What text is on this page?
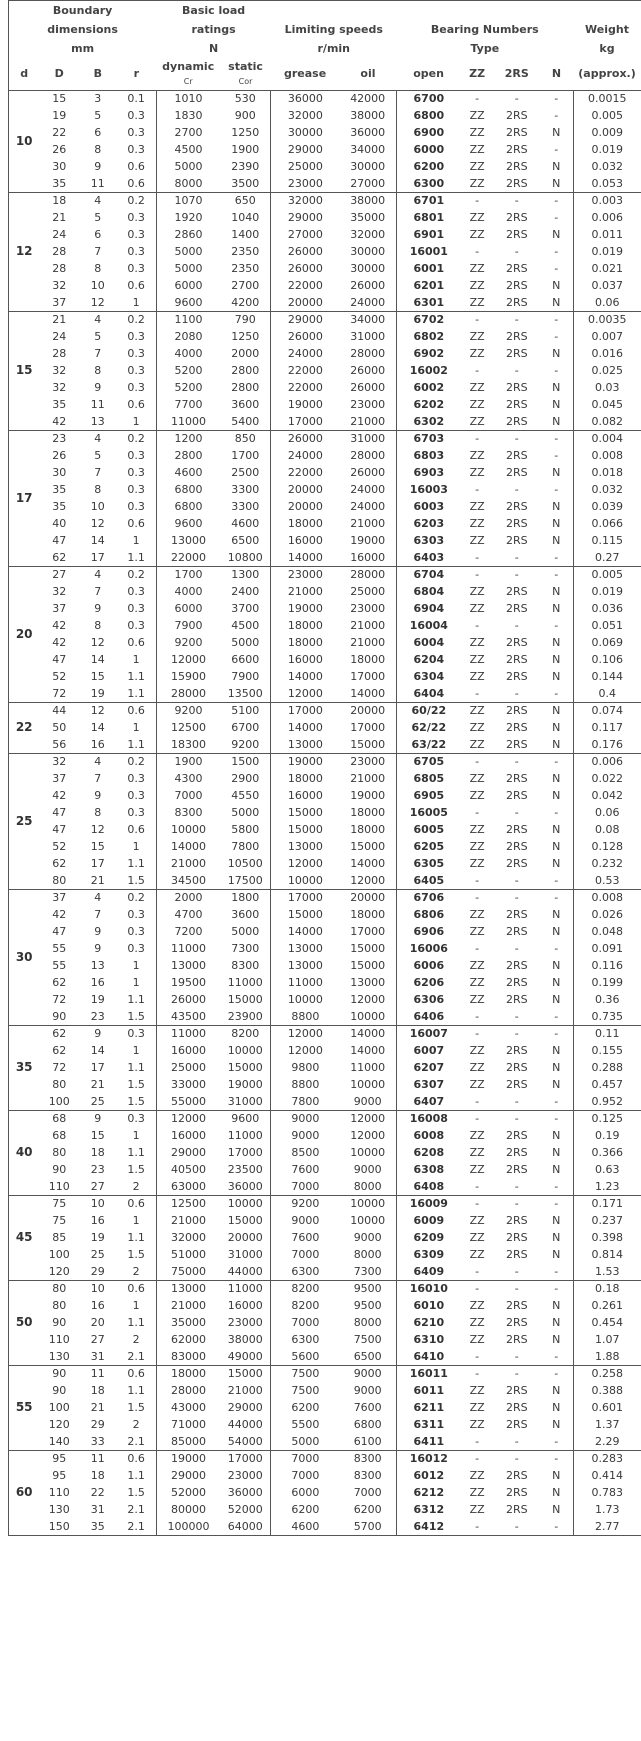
Boundary				Basic load								
dimensions				ratings		Limiting speeds		Bearing Numbers				Weight
mm				N		r/min		Type				kg
d	D	B	r	dynamic	static	grease	oil	open	ZZ	2RS	N	(approx.)
				Cr	Cor							
10	15	3	0.1	1010	530	36000	42000	6700	-	-	-	0.0015
	19	5	0.3	1830	900	32000	38000	6800	ZZ	2RS	-	0.005
	22	6	0.3	2700	1250	30000	36000	6900	ZZ	2RS	N	0.009
	26	8	0.3	4500	1900	29000	34000	6000	ZZ	2RS	-	0.019
	30	9	0.6	5000	2390	25000	30000	6200	ZZ	2RS	N	0.032
	35	11	0.6	8000	3500	23000	27000	6300	ZZ	2RS	N	0.053
12	18	4	0.2	1070	650	32000	38000	6701	-	-	-	0.003
	21	5	0.3	1920	1040	29000	35000	6801	ZZ	2RS	-	0.006
	24	6	0.3	2860	1400	27000	32000	6901	ZZ	2RS	N	0.011
	28	7	0.3	5000	2350	26000	30000	16001	-	-	-	0.019
	28	8	0.3	5000	2350	26000	30000	6001	ZZ	2RS	-	0.021
	32	10	0.6	6000	2700	22000	26000	6201	ZZ	2RS	N	0.037
	37	12	1	9600	4200	20000	24000	6301	ZZ	2RS	N	0.06
15	21	4	0.2	1100	790	29000	34000	6702	-	-	-	0.0035
	24	5	0.3	2080	1250	26000	31000	6802	ZZ	2RS	-	0.007
	28	7	0.3	4000	2000	24000	28000	6902	ZZ	2RS	N	0.016
	32	8	0.3	5200	2800	22000	26000	16002	-	-	-	0.025
	32	9	0.3	5200	2800	22000	26000	6002	ZZ	2RS	N	0.03
	35	11	0.6	7700	3600	19000	23000	6202	ZZ	2RS	N	0.045
	42	13	1	11000	5400	17000	21000	6302	ZZ	2RS	N	0.082
17	23	4	0.2	1200	850	26000	31000	6703	-	-	-	0.004
	26	5	0.3	2800	1700	24000	28000	6803	ZZ	2RS	-	0.008
	30	7	0.3	4600	2500	22000	26000	6903	ZZ	2RS	N	0.018
	35	8	0.3	6800	3300	20000	24000	16003	-	-	-	0.032
	35	10	0.3	6800	3300	20000	24000	6003	ZZ	2RS	N	0.039
	40	12	0.6	9600	4600	18000	21000	6203	ZZ	2RS	N	0.066
	47	14	1	13000	6500	16000	19000	6303	ZZ	2RS	N	0.115
	62	17	1.1	22000	10800	14000	16000	6403	-	-	-	0.27
20	27	4	0.2	1700	1300	23000	28000	6704	-	-	-	0.005
	32	7	0.3	4000	2400	21000	25000	6804	ZZ	2RS	N	0.019
	37	9	0.3	6000	3700	19000	23000	6904	ZZ	2RS	N	0.036
	42	8	0.3	7900	4500	18000	21000	16004	-	-	-	0.051
	42	12	0.6	9200	5000	18000	21000	6004	ZZ	2RS	N	0.069
	47	14	1	12000	6600	16000	18000	6204	ZZ	2RS	N	0.106
	52	15	1.1	15900	7900	14000	17000	6304	ZZ	2RS	N	0.144
	72	19	1.1	28000	13500	12000	14000	6404	-	-	-	0.4
22	44	12	0.6	9200	5100	17000	20000	60/22	ZZ	2RS	N	0.074
	50	14	1	12500	6700	14000	17000	62/22	ZZ	2RS	N	0.117
	56	16	1.1	18300	9200	13000	15000	63/22	ZZ	2RS	N	0.176
25	32	4	0.2	1900	1500	19000	23000	6705	-	-	-	0.006
	37	7	0.3	4300	2900	18000	21000	6805	ZZ	2RS	N	0.022
	42	9	0.3	7000	4550	16000	19000	6905	ZZ	2RS	N	0.042
	47	8	0.3	8300	5000	15000	18000	16005	-	-	-	0.06
	47	12	0.6	10000	5800	15000	18000	6005	ZZ	2RS	N	0.08
	52	15	1	14000	7800	13000	15000	6205	ZZ	2RS	N	0.128
	62	17	1.1	21000	10500	12000	14000	6305	ZZ	2RS	N	0.232
	80	21	1.5	34500	17500	10000	12000	6405	-	-	-	0.53
30	37	4	0.2	2000	1800	17000	20000	6706	-	-	-	0.008
	42	7	0.3	4700	3600	15000	18000	6806	ZZ	2RS	N	0.026
	47	9	0.3	7200	5000	14000	17000	6906	ZZ	2RS	N	0.048
	55	9	0.3	11000	7300	13000	15000	16006	-	-	-	0.091
	55	13	1	13000	8300	13000	15000	6006	ZZ	2RS	N	0.116
	62	16	1	19500	11000	11000	13000	6206	ZZ	2RS	N	0.199
	72	19	1.1	26000	15000	10000	12000	6306	ZZ	2RS	N	0.36
	90	23	1.5	43500	23900	8800	10000	6406	-	-	-	0.735
35	62	9	0.3	11000	8200	12000	14000	16007	-	-	-	0.11
	62	14	1	16000	10000	12000	14000	6007	ZZ	2RS	N	0.155
	72	17	1.1	25000	15000	9800	11000	6207	ZZ	2RS	N	0.288
	80	21	1.5	33000	19000	8800	10000	6307	ZZ	2RS	N	0.457
	100	25	1.5	55000	31000	7800	9000	6407	-	-	-	0.952
40	68	9	0.3	12000	9600	9000	12000	16008	-	-	-	0.125
	68	15	1	16000	11000	9000	12000	6008	ZZ	2RS	N	0.19
	80	18	1.1	29000	17000	8500	10000	6208	ZZ	2RS	N	0.366
	90	23	1.5	40500	23500	7600	9000	6308	ZZ	2RS	N	0.63
	110	27	2	63000	36000	7000	8000	6408	-	-	-	1.23
45	75	10	0.6	12500	10000	9200	10000	16009	-	-	-	0.171
	75	16	1	21000	15000	9000	10000	6009	ZZ	2RS	N	0.237
	85	19	1.1	32000	20000	7600	9000	6209	ZZ	2RS	N	0.398
	100	25	1.5	51000	31000	7000	8000	6309	ZZ	2RS	N	0.814
	120	29	2	75000	44000	6300	7300	6409	-	-	-	1.53
50	80	10	0.6	13000	11000	8200	9500	16010	-	-	-	0.18
	80	16	1	21000	16000	8200	9500	6010	ZZ	2RS	N	0.261
	90	20	1.1	35000	23000	7000	8000	6210	ZZ	2RS	N	0.454
	110	27	2	62000	38000	6300	7500	6310	ZZ	2RS	N	1.07
	130	31	2.1	83000	49000	5600	6500	6410	-	-	-	1.88
55	90	11	0.6	18000	15000	7500	9000	16011	-	-	-	0.258
	90	18	1.1	28000	21000	7500	9000	6011	ZZ	2RS	N	0.388
	100	21	1.5	43000	29000	6200	7600	6211	ZZ	2RS	N	0.601
	120	29	2	71000	44000	5500	6800	6311	ZZ	2RS	N	1.37
	140	33	2.1	85000	54000	5000	6100	6411	-	-	-	2.29
60	95	11	0.6	19000	17000	7000	8300	16012	-	-	-	0.283
	95	18	1.1	29000	23000	7000	8300	6012	ZZ	2RS	N	0.414
	110	22	1.5	52000	36000	6000	7000	6212	ZZ	2RS	N	0.783
	130	31	2.1	80000	52000	6200	6200	6312	ZZ	2RS	N	1.73
	150	35	2.1	100000	64000	4600	5700	6412	-	-	-	2.77
